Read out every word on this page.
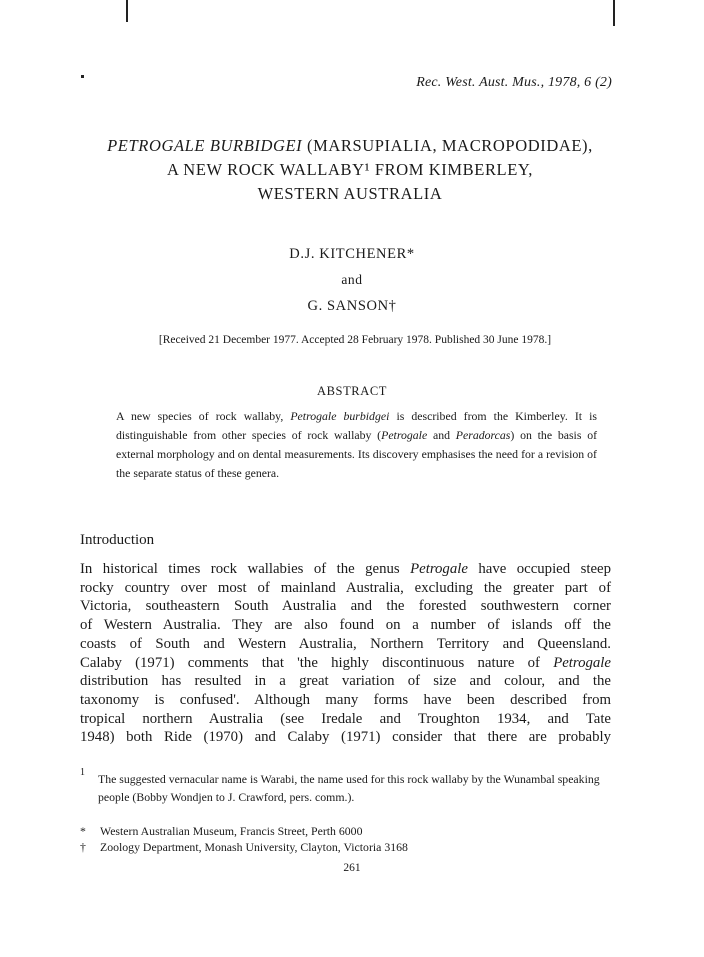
Rec. West. Aust. Mus., 1978, 6 (2)
PETROGALE BURBIDGEI (MARSUPIALIA, MACROPODIDAE),
A NEW ROCK WALLABY¹ FROM KIMBERLEY,
WESTERN AUSTRALIA
D.J. KITCHENER*
and
G. SANSON†
[Received 21 December 1977. Accepted 28 February 1978. Published 30 June 1978.]
ABSTRACT
A new species of rock wallaby, Petrogale burbidgei is described from the Kimberley. It is distinguishable from other species of rock wallaby (Petrogale and Peradorcas) on the basis of external morphology and on dental measurements. Its discovery emphasises the need for a revision of the separate status of these genera.
Introduction
In historical times rock wallabies of the genus Petrogale have occupied steep
rocky country over most of mainland Australia, excluding the greater part of
Victoria, southeastern South Australia and the forested southwestern corner
of Western Australia. They are also found on a number of islands off the
coasts of South and Western Australia, Northern Territory and Queensland.
Calaby (1971) comments that 'the highly discontinuous nature of Petrogale
distribution has resulted in a great variation of size and colour, and the
taxonomy is confused'. Although many forms have been described from
tropical northern Australia (see Iredale and Troughton 1934, and Tate
1948) both Ride (1970) and Calaby (1971) consider that there are probably
1	The suggested vernacular name is Warabi, the name used for this rock wallaby by the Wunambal speaking people (Bobby Wondjen to J. Crawford, pers. comm.).
* Western Australian Museum, Francis Street, Perth 6000
† Zoology Department, Monash University, Clayton, Victoria 3168
261
